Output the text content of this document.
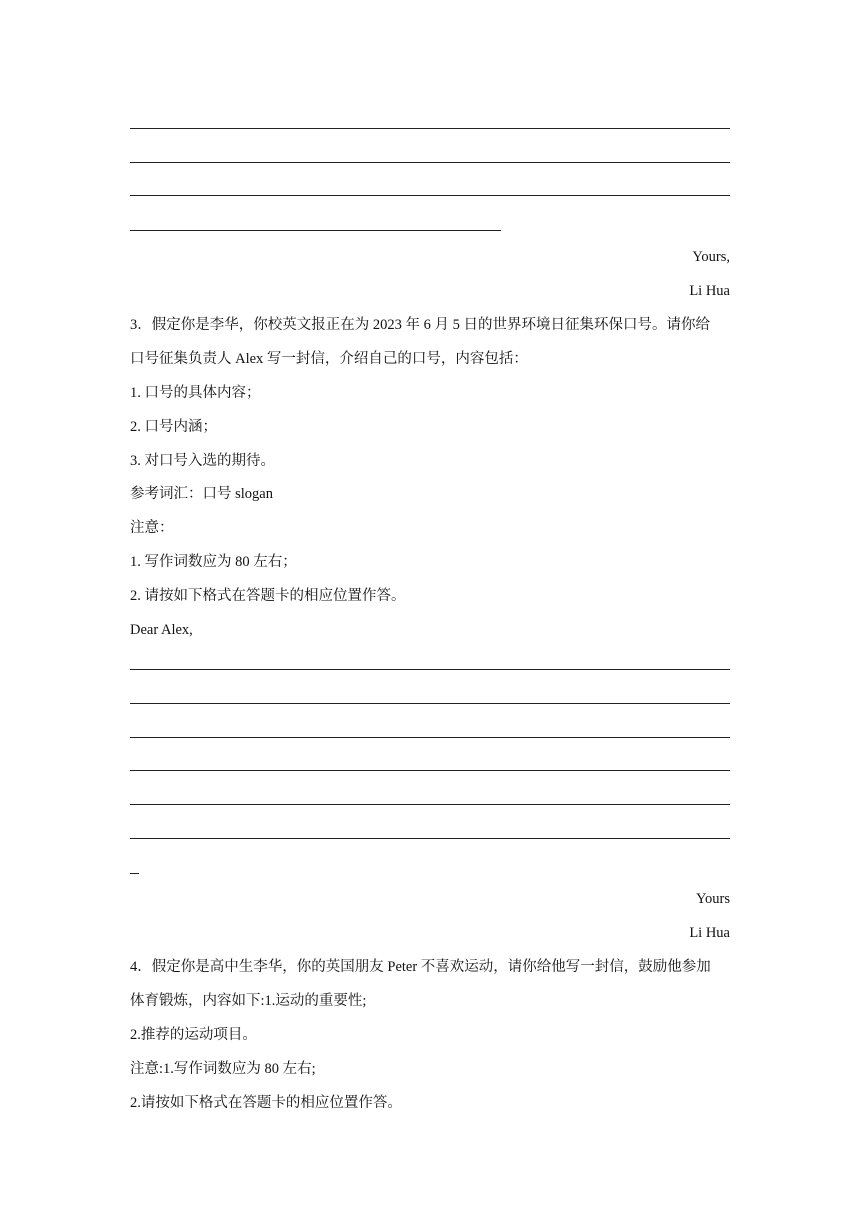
Yours,

Li Hua

3．假定你是李华，你校英文报正在为 2023 年 6 月 5 日的世界环境日征集环保口号。请你给

口号征集负责人 Alex 写一封信，介绍自己的口号，内容包括：

1. 口号的具体内容；

2. 口号内涵；

3. 对口号入选的期待。

参考词汇：口号 slogan

注意：

1. 写作词数应为 80 左右；

2. 请按如下格式在答题卡的相应位置作答。

Dear Alex,

Yours

Li Hua

4．假定你是高中生李华，你的英国朋友 Peter 不喜欢运动，请你给他写一封信，鼓励他参加

体育锻炼，内容如下:1.运动的重要性;

2.推荐的运动项目。

注意:1.写作词数应为 80 左右;

2.请按如下格式在答题卡的相应位置作答。
